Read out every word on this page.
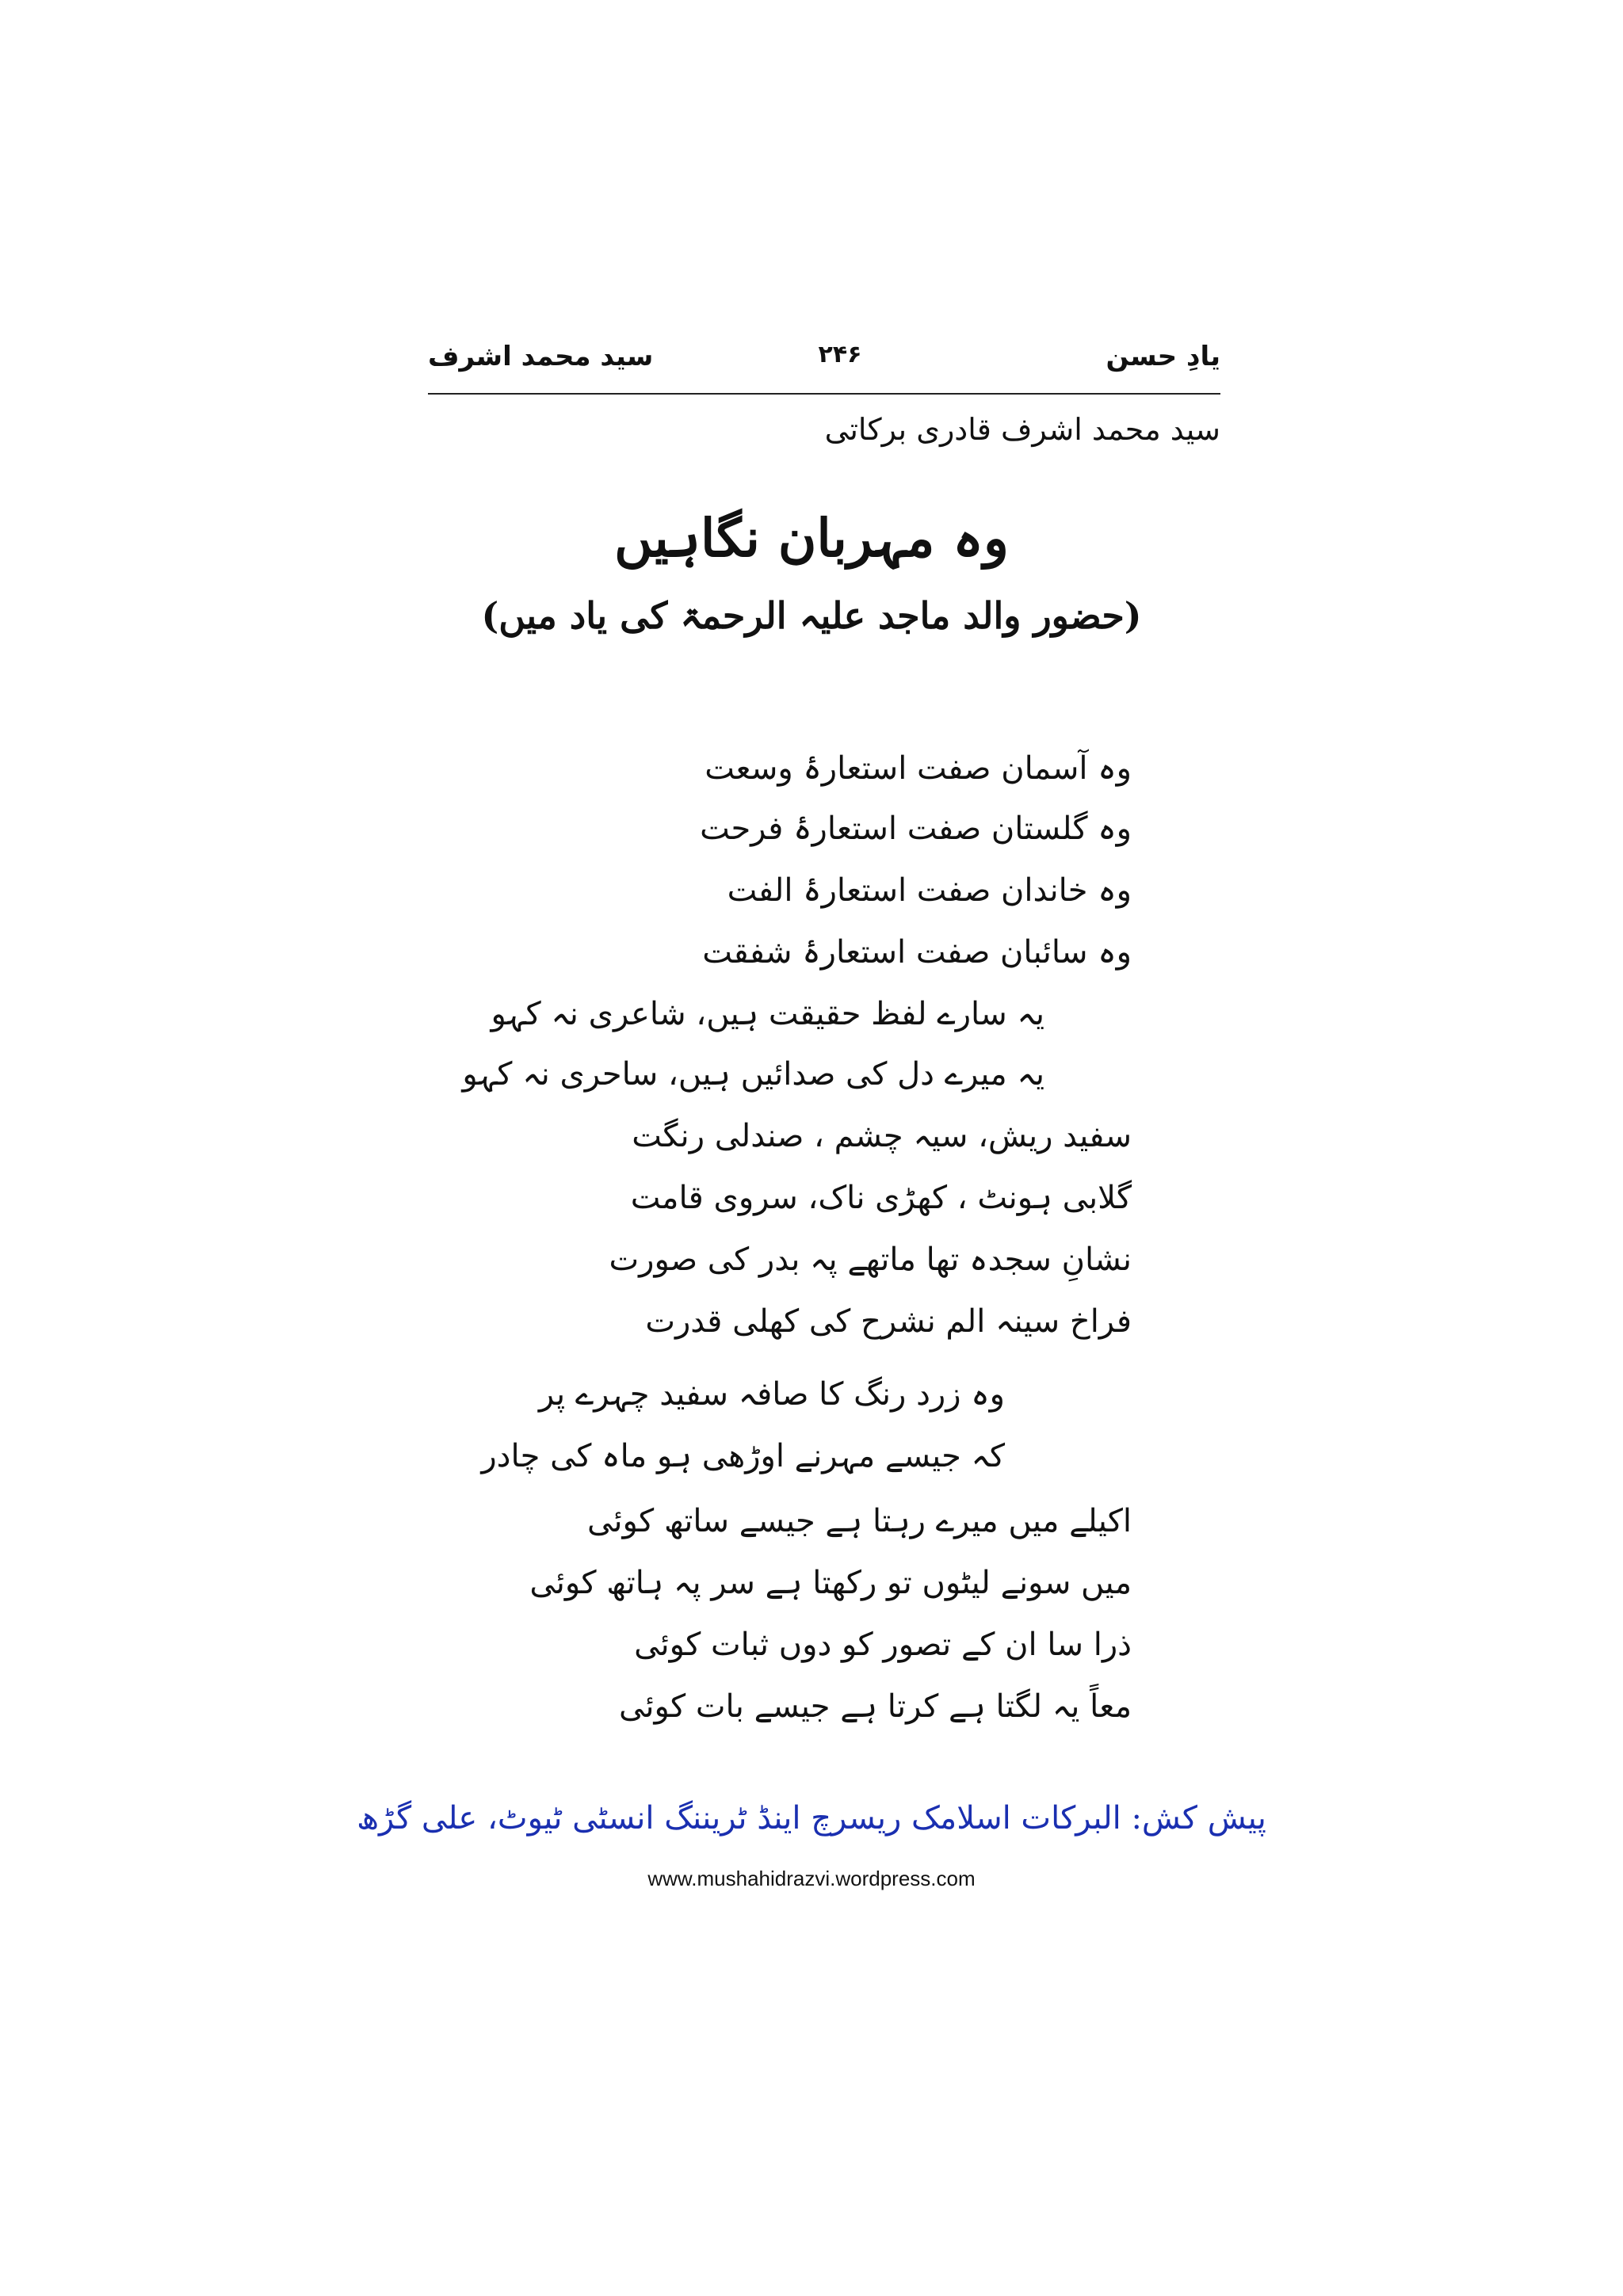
سید محمد اشرف	۲۴۶	یادِ حسن
سید محمد اشرف قادری برکاتی
وہ مہربان نگاہیں
(حضور والد ماجد علیہ الرحمۃ کی یاد میں)
وہ آسمان صفت استعارۂ وسعت
وہ گلستان صفت استعارۂ فرحت
وہ خاندان صفت استعارۂ الفت
وہ سائبان صفت استعارۂ شفقت
یہ سارے لفظ حقیقت ہیں، شاعری نہ کہو
یہ میرے دل کی صدائیں ہیں، ساحری نہ کہو
سفید ریش، سیہ چشم ، صندلی رنگت
گلابی ہونٹ ، کھڑی ناک، سروی قامت
نشانِ سجدہ تھا ماتھے پہ بدر کی صورت
فراخ سینہ الم نشرح کی کھلی قدرت
وہ زرد رنگ کا صافہ سفید چہرے پر
کہ جیسے مہرنے اوڑھی ہو ماہ کی چادر
اکیلے میں میرے رہتا ہے جیسے ساتھ کوئی
میں سونے لیٹوں تو رکھتا ہے سر پہ ہاتھ کوئی
ذرا سا ان کے تصور کو دوں ثبات کوئی
معاً یہ لگتا ہے کرتا ہے جیسے بات کوئی
پیش کش: البرکات اسلامک ریسرچ اینڈ ٹریننگ انسٹی ٹیوٹ، علی گڑھ
www.mushahidrazvi.wordpress.com
